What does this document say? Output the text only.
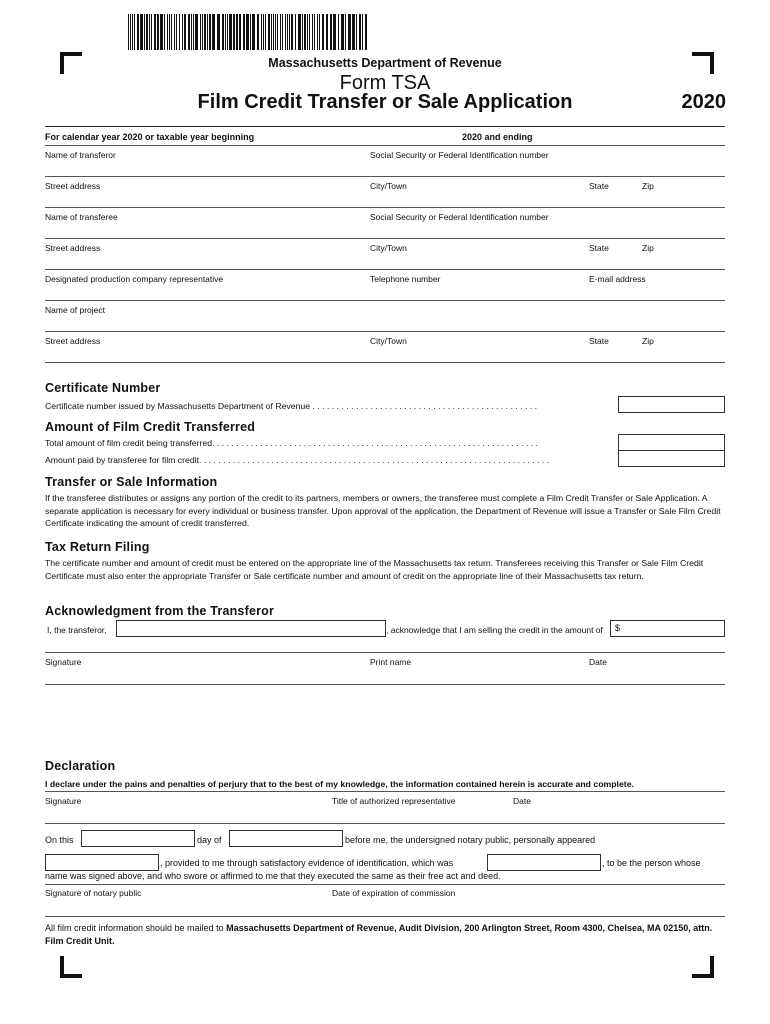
Massachusetts Department of Revenue
Form TSA
Film Credit Transfer or Sale Application	2020
For calendar year 2020 or taxable year beginning	2020 and ending
Name of transferor	Social Security or Federal Identification number
Street address	City/Town	State	Zip
Name of transferee	Social Security or Federal Identification number
Street address	City/Town	State	Zip
Designated production company representative	Telephone number	E-mail address
Name of project
Street address	City/Town	State	Zip
Certificate Number
Certificate number issued by Massachusetts Department of Revenue . . . . . . . . . . . . . . . . . . . . . . . . . . . . . . . . . . . . . . . . . . . . . . .
Amount of Film Credit Transferred
Total amount of film credit being transferred. . . . . . . . . . . . . . . . . . . . . . . . . . . . . . . . . . . . . . . . . . . . . . . . . . . . . . . . . . . . . . . . . . . .
Amount paid by transferee for film credit. . . . . . . . . . . . . . . . . . . . . . . . . . . . . . . . . . . . . . . . . . . . . . . . . . . . . . . . . . . . . . . . . . . . . . . . .
Transfer or Sale Information
If the transferee distributes or assigns any portion of the credit to its partners, members or owners, the transferee must complete a Film Credit Transfer or Sale Application. A separate application is necessary for every individual or business transfer. Upon approval of the application, the Department of Revenue will issue a Transfer or Sale Film Credit Certificate indicating the amount of credit transferred.
Tax Return Filing
The certificate number and amount of credit must be entered on the appropriate line of the Massachusetts tax return. Transferees receiving this Transfer or Sale Film Credit Certificate must also enter the appropriate Transfer or Sale certificate number and amount of credit on the appropriate line of their Massachusetts tax return.
Acknowledgment from the Transferor
I, the transferor,	, acknowledge that I am selling the credit in the amount of $
Signature	Print name	Date
Declaration
I declare under the pains and penalties of perjury that to the best of my knowledge, the information contained herein is accurate and complete.
Signature	Title of authorized representative	Date
On this	day of	before me, the undersigned notary public, personally appeared
, provided to me through satisfactory evidence of identification, which was	, to be the person whose
name was signed above, and who swore or affirmed to me that they executed the same as their free act and deed.
Signature of notary public	Date of expiration of commission
All film credit information should be mailed to Massachusetts Department of Revenue, Audit Division, 200 Arlington Street, Room 4300, Chelsea, MA 02150, attn. Film Credit Unit.
